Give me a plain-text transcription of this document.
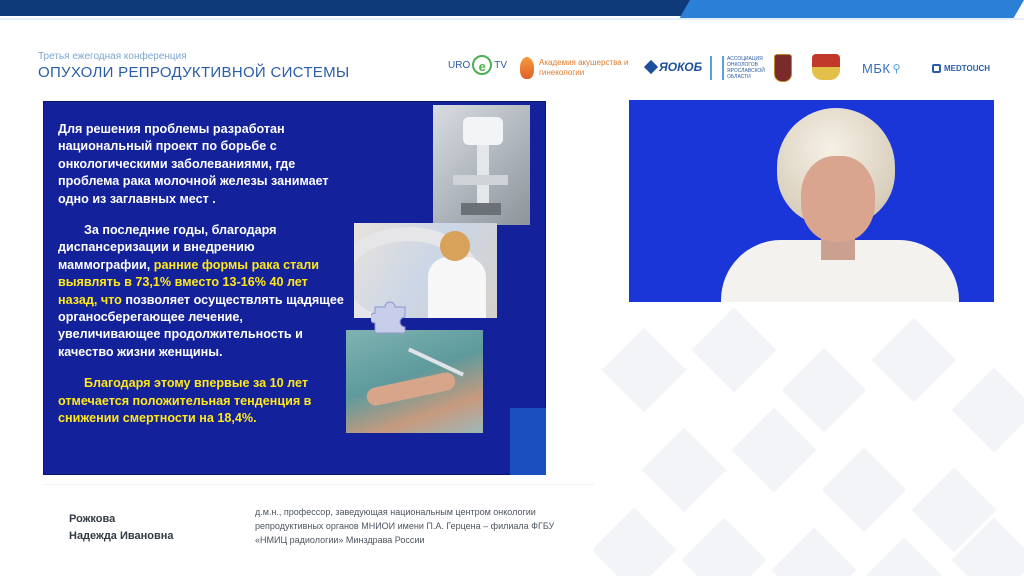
Третья ежегодная конференция
ОПУХОЛИ РЕПРОДУКТИВНОЙ СИСТЕМЫ	URO e TV	Академия акушерства и гинекологии	ЯОКОБ
АССОЦИАЦИЯ ОНКОЛОГОВ ЯРОСЛАВСКОЙ ОБЛАСТИ
МБК ⚲	MEDTOUCH

Для решения проблемы разработан национальный проект по борьбе с онкологическими заболеваниями, где проблема рака молочной железы занимает одно из заглавных мест .

За последние годы, благодаря диспансеризации и внедрению маммографии, ранние формы рака стали выявлять в 73,1% вместо 13-16% 40 лет назад, что позволяет осуществлять щадящее органосберегающее лечение, увеличивающее продолжительность и качество жизни женщины.

Благодаря этому впервые за 10 лет отмечается положительная тенденция в снижении смертности на 18,4%.

Рожкова
Надежда Ивановна
д.м.н., профессор, заведующая национальным центром онкологии репродуктивных органов МНИОИ имени П.А. Герцена – филиала ФГБУ «НМИЦ радиологии» Минздрава России
